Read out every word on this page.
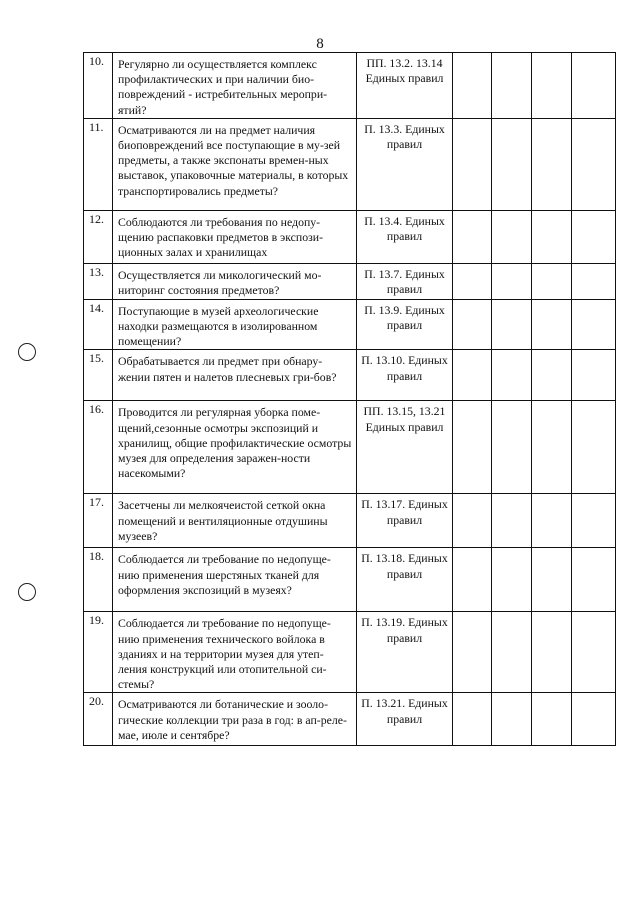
8
10.	Регулярно ли осуществляется комплекс профилактических и при наличии био-повреждений - истребительных меропри-ятий?	ПП. 13.2. 13.14 Единых правил				
11.	Осматриваются ли на предмет наличия биоповреждений все поступающие в му-зей предметы, а также экспонаты времен-ных выставок, упаковочные материалы, в которых транспортировались предметы?	П. 13.3. Единых правил				
12.	Соблюдаются ли требования по недопу-щению распаковки предметов в экспози-ционных залах и хранилищах	П. 13.4. Единых правил				
13.	Осуществляется ли микологический мо-ниторинг состояния предметов?	П. 13.7. Единых правил				
14.	Поступающие в музей археологические находки размещаются в изолированном помещении?	П. 13.9. Единых правил				
15.	Обрабатывается ли предмет при обнару-жении пятен и налетов плесневых гри-бов?	П. 13.10. Единых правил				
16.	Проводится ли регулярная уборка поме-щений,сезонные осмотры экспозиций и хранилищ, общие профилактические осмотры музея для определения заражен-ности насекомыми?	ПП. 13.15, 13.21 Единых правил				
17.	Засетчены ли мелкоячеистой сеткой окна помещений и вентиляционные отдушины музеев?	П. 13.17. Единых правил				
18.	Соблюдается ли требование по недопуще-нию применения шерстяных тканей для оформления экспозиций в музеях?	П. 13.18. Единых правил				
19.	Соблюдается ли требование по недопуще-нию применения технического войлока в зданиях и на территории музея для утеп-ления конструкций или отопительной си-стемы?	П. 13.19. Единых правил				
20.	Осматриваются ли ботанические и зооло-гические коллекции три раза в год: в ап-реле-мае, июле и сентябре?	П. 13.21. Единых правил				
